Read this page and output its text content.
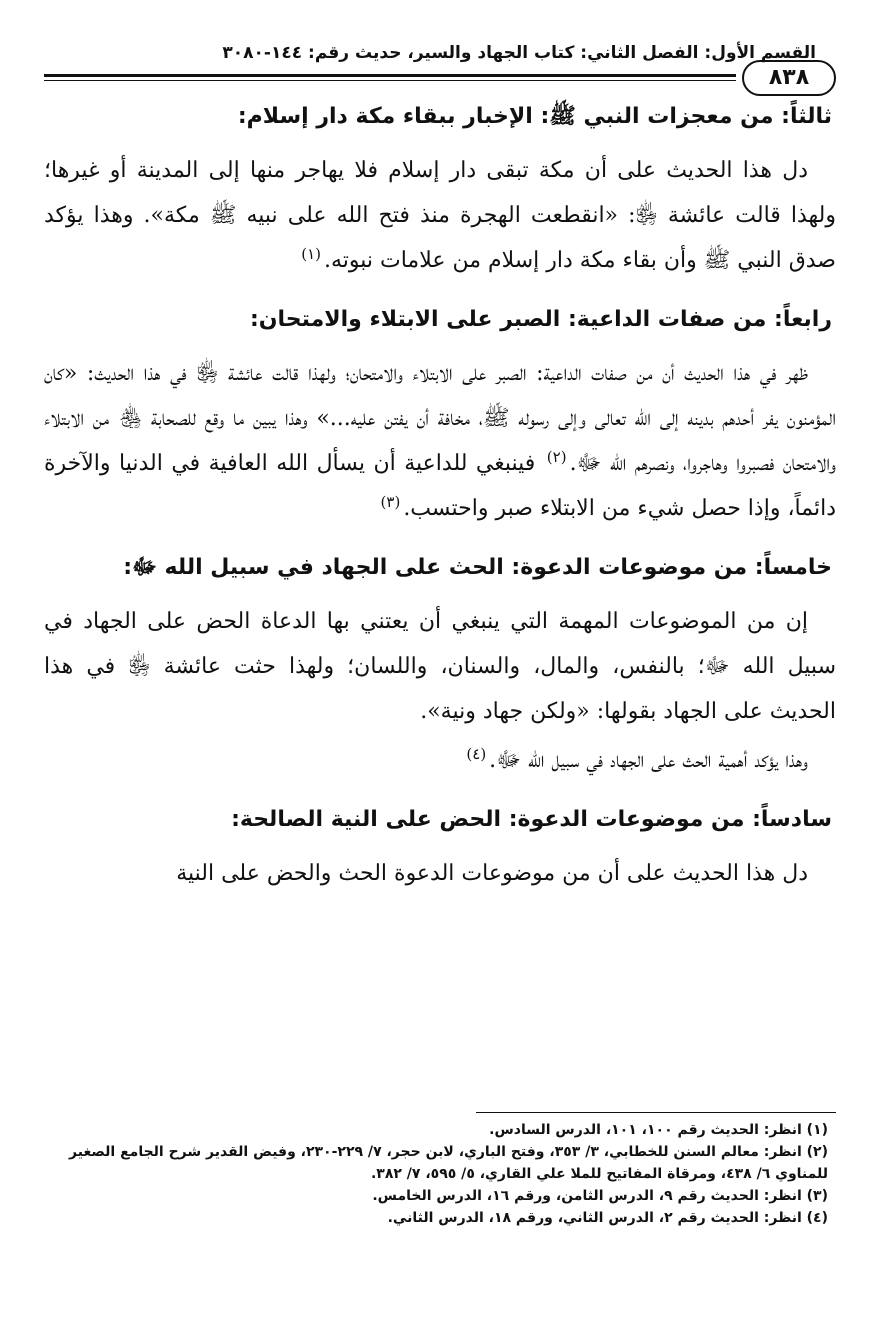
القسم الأول: الفصل الثاني: كتاب الجهاد والسير، حديث رقم: ١٤٤-٣٠٨٠
٨٣٨
ثالثاً: من معجزات النبي ﷺ: الإخبار ببقاء مكة دار إسلام:

دل هذا الحديث على أن مكة تبقى دار إسلام فلا يهاجر منها إلى المدينة أو غيرها؛ ولهذا قالت عائشة ﵂: «انقطعت الهجرة منذ فتح الله على نبيه ﷺ مكة». وهذا يؤكد صدق النبي ﷺ وأن بقاء مكة دار إسلام من علامات نبوته.$^{(١)}$

رابعاً: من صفات الداعية: الصبر على الابتلاء والامتحان:

ظهر في هذا الحديث أن من صفات الداعية: الصبر على الابتلاء والامتحان؛ ولهذا قالت عائشة ﵂ في هذا الحديث: «كان المؤمنون يفر أحدهم بدينه إلى الله تعالى وإلى رسوله ﷺ، مخافة أن يفتن عليه...» وهذا يبين ما وقع للصحابة ﵃ من الابتلاء والامتحان فصبروا وهاجروا، ونصرهم الله ﷻ.$^{(٢)}$ فينبغي للداعية أن يسأل الله العافية في الدنيا والآخرة دائماً، وإذا حصل شيء من الابتلاء صبر واحتسب.$^{(٣)}$

خامساً: من موضوعات الدعوة: الحث على الجهاد في سبيل الله ﷻ:

إن من الموضوعات المهمة التي ينبغي أن يعتني بها الدعاة الحض على الجهاد في سبيل الله ﷻ؛ بالنفس، والمال، والسنان، واللسان؛ ولهذا حثت عائشة ﵂ في هذا الحديث على الجهاد بقولها: «ولكن جهاد ونية».

وهذا يؤكد أهمية الحث على الجهاد في سبيل الله ﷻ.$^{(٤)}$

سادساً: من موضوعات الدعوة: الحض على النية الصالحة:

دل هذا الحديث على أن من موضوعات الدعوة الحث والحض على النية

(١) انظر: الحديث رقم ١٠٠، ١٠١، الدرس السادس.

(٢) انظر: معالم السنن للخطابي، ٣/ ٣٥٣، وفتح الباري، لابن حجر، ٧/ ٢٢٩-٢٣٠، وفيض القدير شرح الجامع الصغير للمناوي ٦/ ٤٣٨، ومرقاة المفاتيح للملا علي القاري، ٥/ ٥٩٥، ٧/ ٣٨٢.

(٣) انظر: الحديث رقم ٩، الدرس الثامن، ورقم ١٦، الدرس الخامس.

(٤) انظر: الحديث رقم ٢، الدرس الثاني، ورقم ١٨، الدرس الثاني.
